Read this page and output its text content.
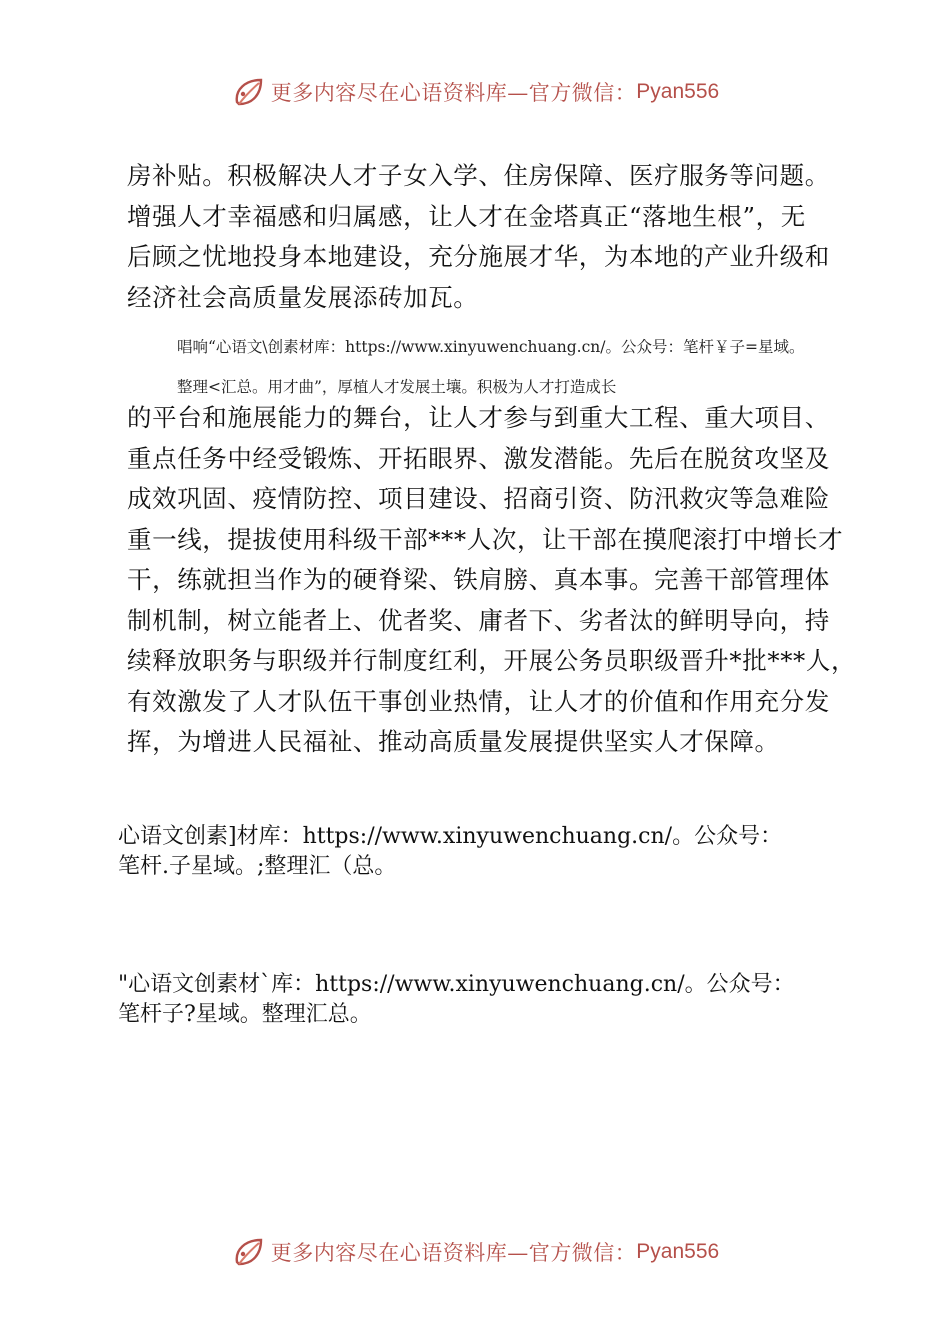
更多内容尽在心语资料库—官方微信： Pyan556
房补贴。积极解决人才子女入学、住房保障、医疗服务等问题。
增强人才幸福感和归属感，让人才在金塔真正“落地生根”，无
后顾之忧地投身本地建设，充分施展才华，为本地的产业升级和
经济社会高质量发展添砖加瓦。
唱响“心语文\创素材库：https://www.xinyuwenchuang.cn/。公众号：笔杆￥子=星域。
整理<汇总。用才曲”，厚植人才发展土壤。积极为人才打造成长
的平台和施展能力的舞台，让人才参与到重大工程、重大项目、
重点任务中经受锻炼、开拓眼界、激发潜能。先后在脱贫攻坚及
成效巩固、疫情防控、项目建设、招商引资、防汛救灾等急难险
重一线，提拔使用科级干部***人次，让干部在摸爬滚打中增长才
干，练就担当作为的硬脊梁、铁肩膀、真本事。完善干部管理体
制机制，树立能者上、优者奖、庸者下、劣者汰的鲜明导向，持
续释放职务与职级并行制度红利，开展公务员职级晋升*批***人，
有效激发了人才队伍干事创业热情，让人才的价值和作用充分发
挥，为增进人民福祉、推动高质量发展提供坚实人才保障。
心语文创素]材库：https://www.xinyuwenchuang.cn/。公众号：
笔杆.子星域。;整理汇（总。
"心语文创素材`库：https://www.xinyuwenchuang.cn/。公众号：
笔杆子?星域。整理汇总。
更多内容尽在心语资料库—官方微信： Pyan556
